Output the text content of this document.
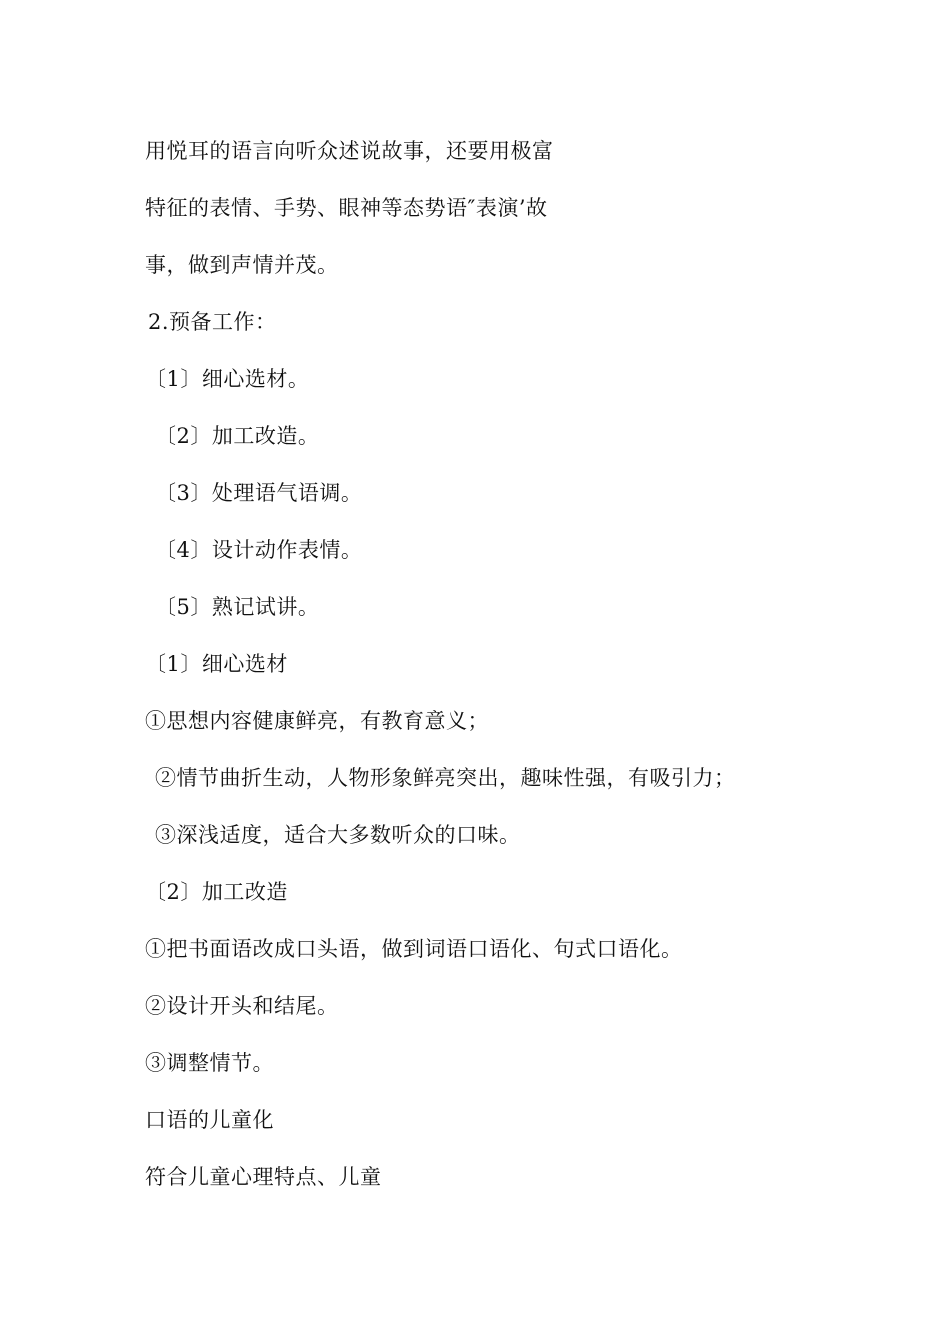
用悦耳的语言向听众述说故事，还要用极富
特征的表情、手势、眼神等态势语″表演’故
事，做到声情并茂。
2.预备工作：
〔1〕细心选材。
〔2〕加工改造。
〔3〕处理语气语调。
〔4〕设计动作表情。
〔5〕熟记试讲。
〔1〕细心选材
①思想内容健康鲜亮，有教育意义；
②情节曲折生动，人物形象鲜亮突出，趣味性强，有吸引力；
③深浅适度，适合大多数听众的口味。
〔2〕加工改造
①把书面语改成口头语，做到词语口语化、句式口语化。
②设计开头和结尾。
③调整情节。
口语的儿童化
符合儿童心理特点、儿童
